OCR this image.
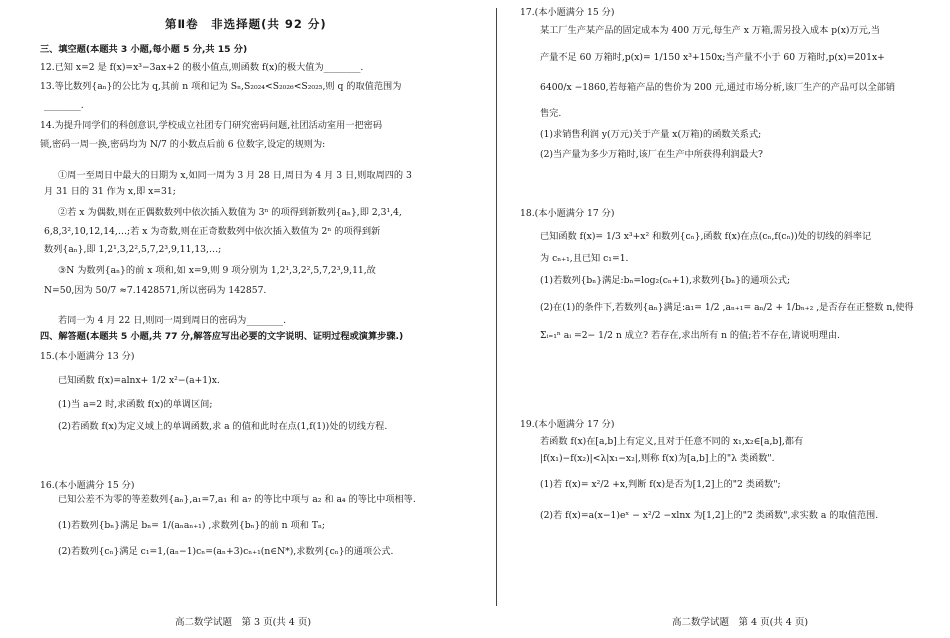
第Ⅱ卷　非选择题(共 92 分)
三、填空题(本题共 3 小题,每小题 5 分,共 15 分)
12.已知 x=2 是 f(x)=x³−3ax+2 的极小值点,则函数 f(x)的极大值为________.
13.等比数列{aₙ}的公比为 q,其前 n 项和记为 Sₙ,S₂₀₂₄<S₂₀₂₆<S₂₀₂₅,则 q 的取值范围为
________.
14.为提升同学们的科创意识,学校成立社团专门研究密码问题,社团活动室用一把密码
锁,密码一周一换,密码均为 N/7 的小数点后前 6 位数字,设定的规则为:
①周一至周日中最大的日期为 x,如同一周为 3 月 28 日,周日为 4 月 3 日,则取周四的 3
月 31 日的 31 作为 x,即 x=31;
②若 x 为偶数,则在正偶数数列中依次插入数值为 3ⁿ 的项得到新数列{aₙ},即 2,3¹,4,
6,8,3²,10,12,14,…;若 x 为奇数,则在正奇数数列中依次插入数值为 2ⁿ 的项得到新
数列{aₙ},即 1,2¹,3,2²,5,7,2³,9,11,13,…;
③N 为数列{aₙ}的前 x 项和,如 x=9,则 9 项分别为 1,2¹,3,2²,5,7,2³,9,11,故
N=50,因为 50/7 ≈7.1428571,所以密码为 142857.
若同一为 4 月 22 日,则同一周到周日的密码为________.
四、解答题(本题共 5 小题,共 77 分,解答应写出必要的文字说明、证明过程或演算步骤.)
15.(本小题满分 13 分)
已知函数 f(x)=alnx+ 1/2 x²−(a+1)x.
(1)当 a=2 时,求函数 f(x)的单调区间;
(2)若函数 f(x)为定义域上的单调函数,求 a 的值和此时在点(1,f(1))处的切线方程.
16.(本小题满分 15 分)
已知公差不为零的等差数列{aₙ},a₁=7,a₁ 和 a₇ 的等比中项与 a₂ 和 a₄ 的等比中项相等.
(1)若数列{bₙ}满足 bₙ= 1/(aₙaₙ₊₁) ,求数列{bₙ}的前 n 项和 Tₙ;
(2)若数列{cₙ}满足 c₁=1,(aₙ−1)cₙ=(aₙ+3)cₙ₊₁(n∈N*),求数列{cₙ}的通项公式.
高二数学试题　第 3 页(共 4 页)
17.(本小题满分 15 分)
某工厂生产某产品的固定成本为 400 万元,每生产 x 万箱,需另投入成本 p(x)万元,当
产量不足 60 万箱时,p(x)= 1/150 x³+150x;当产量不小于 60 万箱时,p(x)=201x+
6400/x −1860,若每箱产品的售价为 200 元,通过市场分析,该厂生产的产品可以全部销
售完.
(1)求销售利润 y(万元)关于产量 x(万箱)的函数关系式;
(2)当产量为多少万箱时,该厂在生产中所获得利润最大?
18.(本小题满分 17 分)
已知函数 f(x)= 1/3 x³+x² 和数列{cₙ},函数 f(x)在点(cₙ,f(cₙ))处的切线的斜率记
为 cₙ₊₁,且已知 c₁=1.
(1)若数列{bₙ}满足:bₙ=log₂(cₙ+1),求数列{bₙ}的通项公式;
(2)在(1)的条件下,若数列{aₙ}满足:a₁= 1/2 ,aₙ₊₁= aₙ/2 + 1/bₙ₊₂ ,是否存在正整数 n,使得
Σᵢ₌₁ⁿ aᵢ =2− 1/2 n 成立? 若存在,求出所有 n 的值;若不存在,请说明理由.
19.(本小题满分 17 分)
若函数 f(x)在[a,b]上有定义,且对于任意不同的 x₁,x₂∈[a,b],都有
|f(x₁)−f(x₂)|<λ|x₁−x₂|,则称 f(x)为[a,b]上的"λ 类函数".
(1)若 f(x)= x²/2 +x,判断 f(x)是否为[1,2]上的"2 类函数";
(2)若 f(x)=a(x−1)eˣ − x²/2 −xlnx 为[1,2]上的"2 类函数",求实数 a 的取值范围.
高二数学试题　第 4 页(共 4 页)
